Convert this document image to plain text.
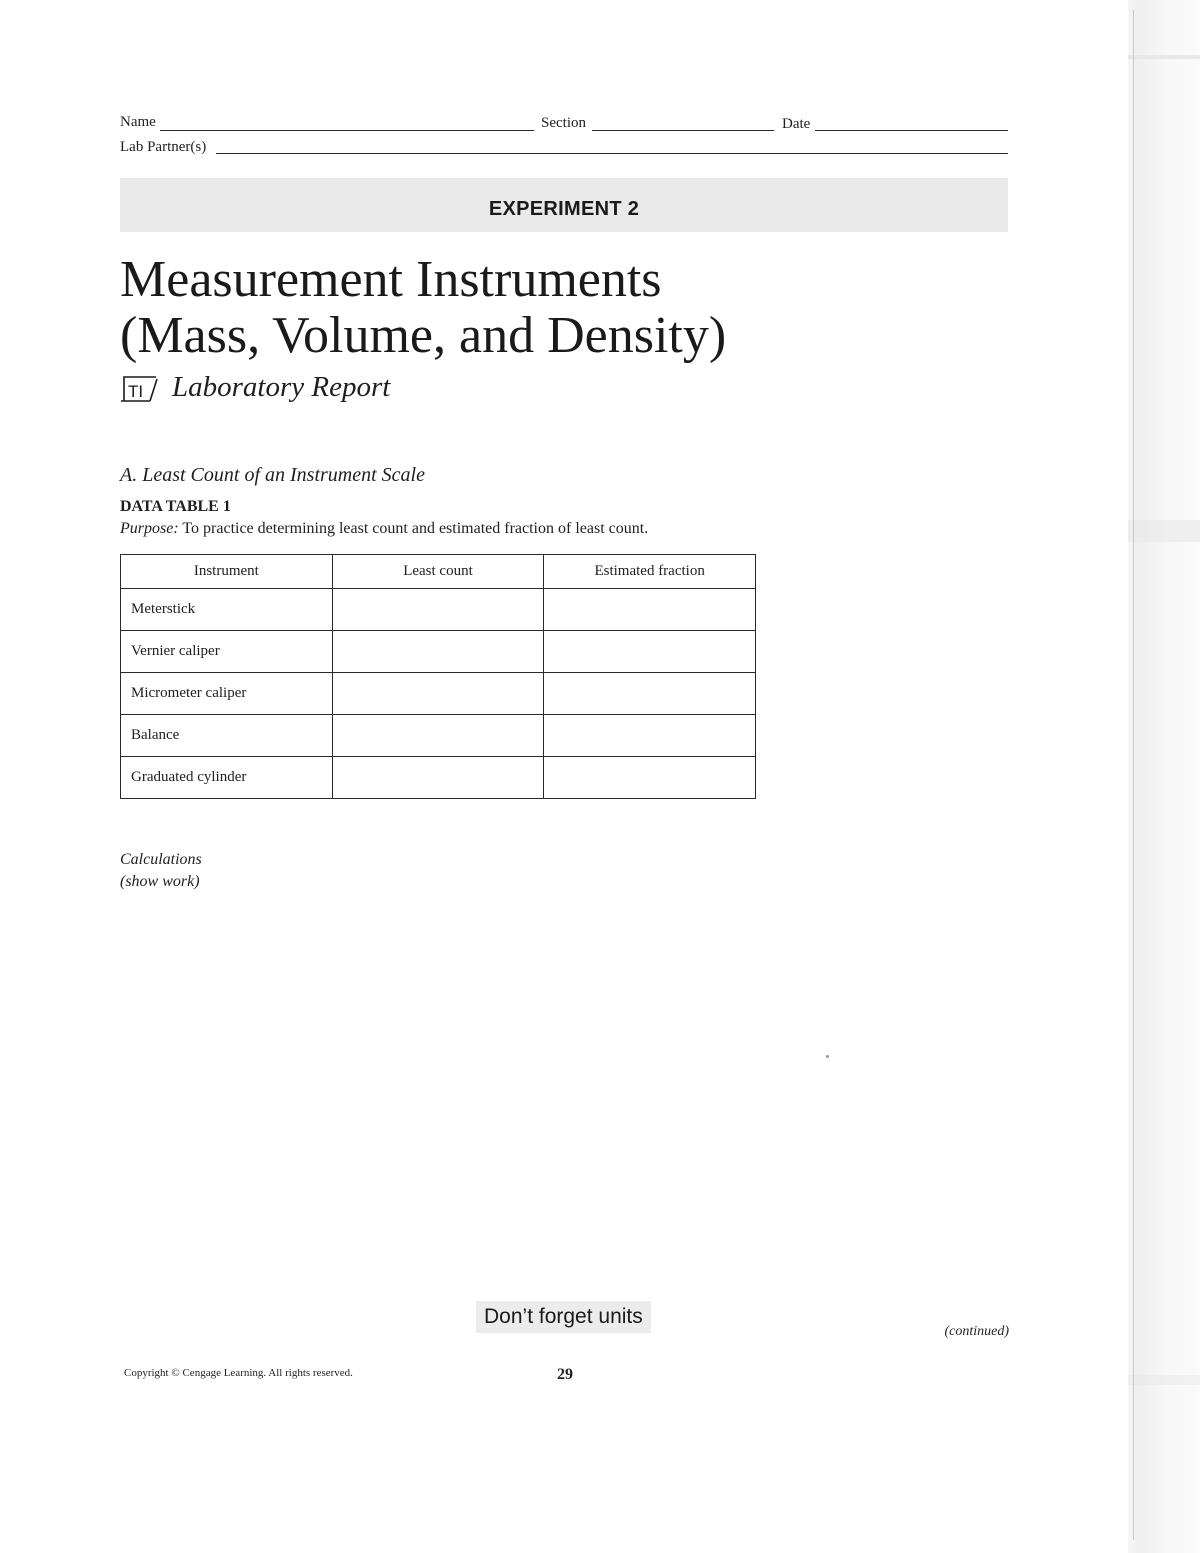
Name	Section	Date
Lab Partner(s)
EXPERIMENT 2
Measurement Instruments
(Mass, Volume, and Density)
TI Laboratory Report
A. Least Count of an Instrument Scale
DATA TABLE 1
Purpose: To practice determining least count and estimated fraction of least count.
Instrument	Least count	Estimated fraction
Meterstick		
Vernier caliper		
Micrometer caliper		
Balance		
Graduated cylinder		
Calculations
(show work)
Don’t forget units
(continued)
Copyright © Cengage Learning. All rights reserved.	29
